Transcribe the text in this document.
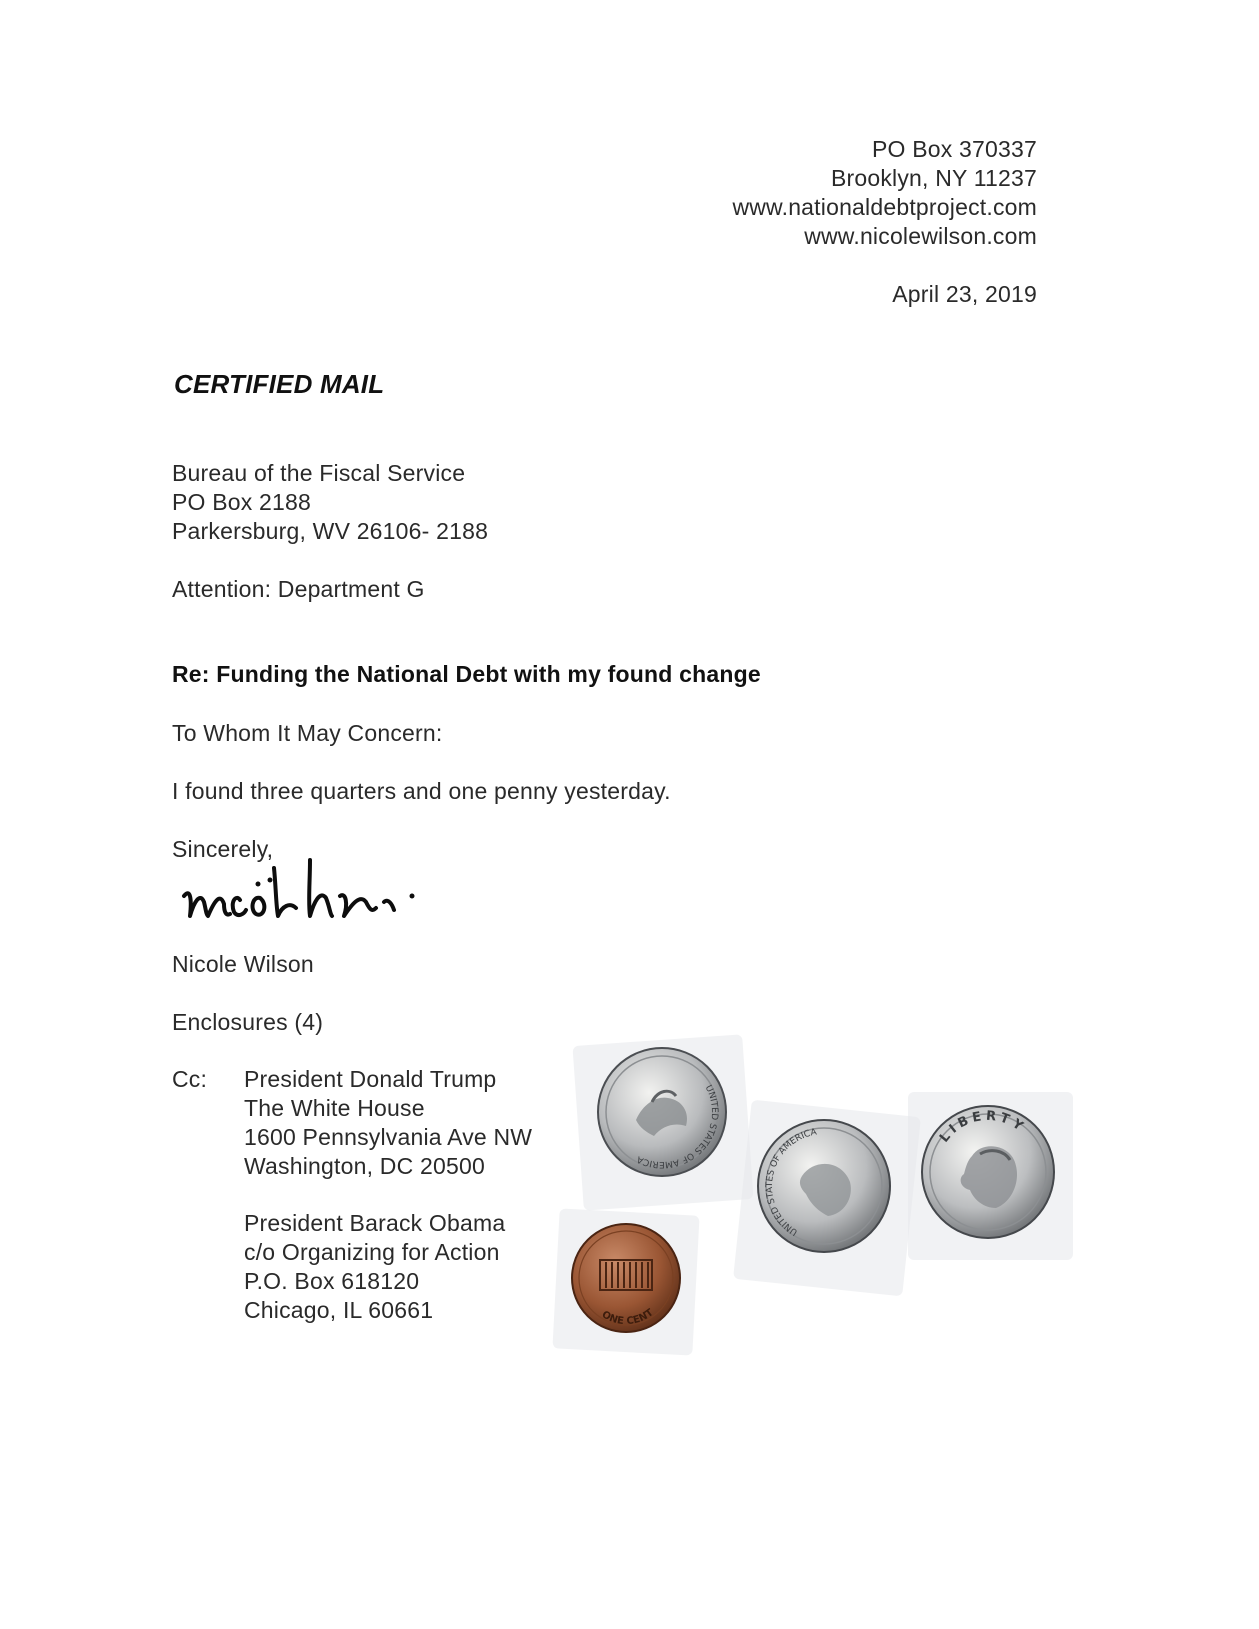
PO Box 370337
Brooklyn, NY 11237
www.nationaldebtproject.com
www.nicolewilson.com
April 23, 2019
CERTIFIED MAIL
Bureau of the Fiscal Service
PO Box 2188
Parkersburg, WV 26106- 2188
Attention: Department G
Re: Funding the National Debt with my found change
To Whom It May Concern:
I found three quarters and one penny yesterday.
Sincerely,
Nicole Wilson
Enclosures (4)
Cc: President Donald Trump
The White House
1600 Pennsylvania Ave NW
Washington, DC 20500
President Barack Obama
c/o Organizing for Action
P.O. Box 618120
Chicago, IL 60661
UNITED STATES OF AMERICA
UNITED STATES OF AMERICA	LIBERTY
ONE CENT
